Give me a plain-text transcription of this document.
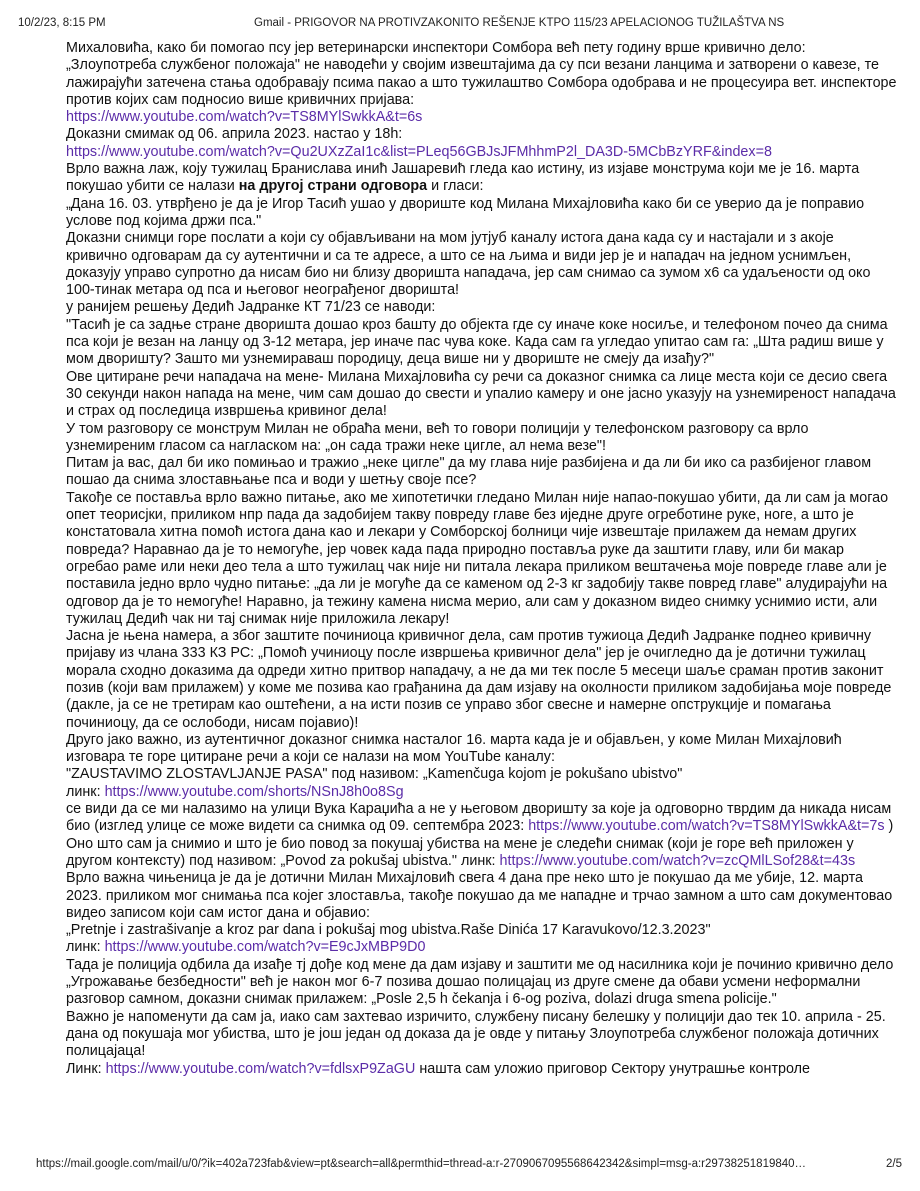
10/2/23, 8:15 PM	Gmail - PRIGOVOR NA PROTIVZAKONITO REŠENJE KTPO 115/23 APELACIONOG TUŽILAŠTVA NS

Михаловића, како би помогао псу јер ветеринарски инспектори Сомбора већ пету годину врше кривично дело: „Злоупотреба службеног положаја" не наводећи у својим извештајима да су пси везани ланцима и затворени о кавезе, те лажирајући затечена стања одобравају псима пакао а што тужилаштво Сомбора одобрава и не процесуира вет. инспекторе против којих сам подносио више кривичних пријава:

https://www.youtube.com/watch?v=TS8MYlSwkkA&t=6s

Доказни смимак од 06. априла 2023. настао у 18h:

https://www.youtube.com/watch?v=Qu2UXzZaI1c&list=PLeq56GBJsJFMhhmP2l_DA3D-5MCbBzYRF&index=8

Врло важна лаж, коју тужилац Бранислава инић Јашаревић гледа као истину, из изјаве монструма који ме је 16. марта покушао убити се налази на другој страни одговора и гласи:

„Дана 16. 03. утврђено је да је Игор Тасић ушао у двориште код Милана Михајловића како би се уверио да је поправио услове под којима држи пса."

Доказни снимци горе послати а који су објављивани на мом јутјуб каналу истога дана када су и настајали и з акоје кривично одговарам да су аутентични и са те адресе, а што се на љима и види јер је и нападач на једном уснимљен, доказују управо супротно да нисам био ни близу дворишта нападача, јер сам снимао са зумом x6 са удаљености од око 100-тинак метара од пса и његовог неограђеног дворишта!

у ранијем решењу Дедић Јадранке КТ 71/23 се наводи:

"Тасић је са задње стране дворишта дошао кроз башту до објекта где су иначе коке носиље, и телефоном почео да снима пса који је везан на ланцу од 3-12 метара, јер иначе пас чува коке. Када сам га угледао упитао сам га: „Шта радиш више у мом дворишту? Зашто ми узнемираваш породицу, деца више ни у двориште не смеју да изађу?"

Ове цитиране речи нападача на мене- Милана Михајловића су речи са доказног снимка са лице места који се десио свега 30 секунди након напада на мене, чим сам дошао до свести и упалио камеру и оне јасно указују на узнемиреност нападача и страх од последица извршења кривинoг дела!

У том разговору се монструм Милан не обраћа мени, већ то говори полицији у телефонском разговору са врло узнемиреним гласом са нагласком на: „он сада тражи неке цигле, ал нема везе"!

Питам ја вас, дал би ико помињао и тражио „неке цигле" да му глава није разбијена и да ли би ико са разбијеног главом пошао да снима злоставњање пса и води у шетњу своје псе?

Такође се поставља врло важно питање, ако ме хипотетички гледано Милан није напао-покушао убити, да ли сам ја могао опет теорисјки, приликом нпр пада да задобијем такву повреду главе без иједне друге огреботине руке, ноге, а што је констатовала хитна помоћ истога дана као и лекари у Сомборској болници чије извештаје прилажем да немам других повреда? Наравнао да је то немогуће, јер човек када пада природно поставља руке да заштити главу, или би макар огребао раме или неки део тела а што тужилац чак није ни питала лекара приликом вештачења моје повреде главе али је поставила једно врло чудно питање: „да ли је могуће да се каменом од 2-3 кг задобију такве повред главе" алудирајући на одговор да је то немогуће! Наравно, ја тежину камена нисма мерио, али сам у доказном видео снимку уснимио исти, али тужилац Дедић чак ни тај снимак није приложила лекару!

Јасна је њена намера, а због заштите починиоца кривичног дела, сам против тужиоца Дедић Јадранке поднео кривичну пријаву из члана 333 КЗ РС: „Помоћ учиниоцу после извршења кривичног дела" јер је очигледно да је дотични тужилац морала сходно доказима да одреди хитно притвор нападачу, а не да ми тек после 5 месеци шаље сраман против законит позив (који вам прилажем) у коме ме позива као грађанина да дам изјаву на околности приликом задобијања моје повреде (дакле, ја се не третирам као оштећени, а на исти позив се управо због свесне и намерне опструкције и помагања починиоцу, да се ослободи, нисам појавио)!

Друго јако важно, из аутентичног доказног снимка насталог 16. марта када је и објављен, у коме Милан Михајловић изговара те горе цитиране речи а који се налази на мом YouTube каналу:

"ZAUSTAVIMO ZLOSTAVLJANJE PASA" под називом: „Kamenčuga kojom je pokušano ubistvo"

линк: https://www.youtube.com/shorts/NSnJ8h0o8Sg

се види да се ми налазимо на улици Вука Караџића а не у његовом дворишту за које ја одговорно тврдим да никада нисам био (изглед улице се може видети са снимка од 09. септембра 2023: https://www.youtube.com/watch?v=TS8MYlSwkkA&t=7s )

Оно што сам ја снимио и што је био повод за покушај убиства на мене је следећи снимак (који је горе већ приложен у другом контексту) под називом: „Povod za pokušaj ubistva." линк: https://www.youtube.com/watch?v=zcQMlLSof28&t=43s

Врло важна чињеница је да је дотични Милан Михајловић свега 4 дана пре неко што је покушао да ме убије, 12. марта 2023. приликом мог снимања пса којег злоставља, такође покушао да ме нападне и трчао замном а што сам документовао видео записом који сам истог дана и објавио:

„Pretnje i zastrašivanje a kroz par dana i pokušaj mog ubistva.Raše Dinića 17 Karavukovo/12.3.2023"

линк: https://www.youtube.com/watch?v=E9cJxMBP9D0

Тада је полиција одбила да изађе тј дође код мене да дам изјаву и заштити ме од насилника који је починио кривично дело „Угрожавање безбедности" већ је након мог 6-7 позива дошао полицајац из друге смене да обави усмени неформални разговор самном, доказни снимак прилажем: „Posle 2,5 h čekanja i 6-og poziva, dolazi druga smena policije."

Важно је напоменути да сам ја, иако сам захтевао изричито, службену писану белешку у полицији дао тек 10. априла - 25. дана од покушаја мог убиства, што је још један од доказа да је овде у питању Злоупотреба службеног положаја дотичних полицајаца!

Линк: https://www.youtube.com/watch?v=fdlsxP9ZaGU наштa сам уложио приговор Сектору унутрашње контроле

https://mail.google.com/mail/u/0/?ik=402a723fab&view=pt&search=all&permthid=thread-a:r-2709067095568642342&simpl=msg-a:r29738251819840…	2/5
